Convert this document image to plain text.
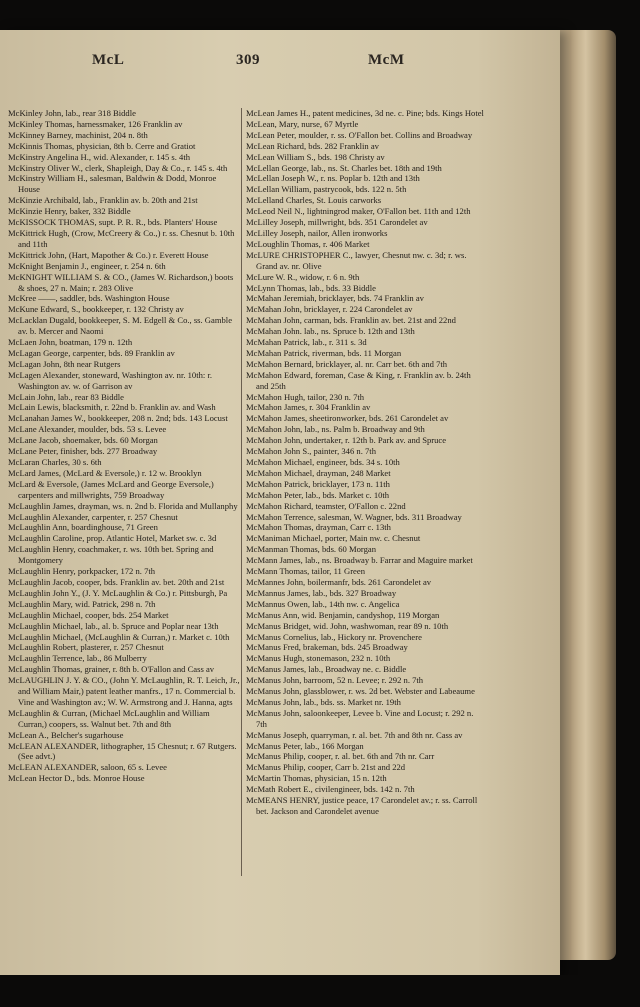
McL	309	McM

McKinley John, lab., rear 318 Biddle

McKinley Thomas, harnessmaker, 126 Franklin av

McKinney Barney, machinist, 204 n. 8th

McKinnis Thomas, physician, 8th b. Cerre and Gratiot

McKinstry Angelina H., wid. Alexander, r. 145 s. 4th

McKinstry Oliver W., clerk, Shapleigh, Day & Co., r. 145 s. 4th

McKinstry William H., salesman, Baldwin & Dodd, Monroe House

McKinzie Archibald, lab., Franklin av. b. 20th and 21st

McKinzie Henry, baker, 332 Biddle

McKISSOCK THOMAS, supt. P. R. R., bds. Planters' House

McKittrick Hugh, (Crow, McCreery & Co.,) r. ss. Chesnut b. 10th and 11th

McKittrick John, (Hart, Mapother & Co.) r. Everett House

McKnight Benjamin J., engineer, r. 254 n. 6th

McKNIGHT WILLIAM S. & CO., (James W. Richardson,) boots & shoes, 27 n. Main; r. 283 Olive

McKree ——, saddler, bds. Washington House

McKune Edward, S., bookkeeper, r. 132 Christy av

McLacklan Dugald, bookkeeper, S. M. Edgell & Co., ss. Gamble av. b. Mercer and Naomi

McLaen John, boatman, 179 n. 12th

McLagan George, carpenter, bds. 89 Franklin av

McLagan John, 8th near Rutgers

McLagen Alexander, stoneward, Washington av. nr. 10th: r. Washington av. w. of Garrison av

McLain John, lab., rear 83 Biddle

McLain Lewis, blacksmith, r. 22nd b. Franklin av. and Wash

McLanahan James W., bookkeeper, 208 n. 2nd; bds. 143 Locust

McLane Alexander, moulder, bds. 53 s. Levee

McLane Jacob, shoemaker, bds. 60 Morgan

McLane Peter, finisher, bds. 277 Broadway

McLaran Charles, 30 s. 6th

McLard James, (McLard & Eversole,) r. 12 w. Brooklyn

McLard & Eversole, (James McLard and George Eversole,) carpenters and millwrights, 759 Broadway

McLaughlin James, drayman, ws. n. 2nd b. Florida and Mullanphy

McLaughlin Alexander, carpenter, r. 257 Chesnut

McLaughlin Ann, boardinghouse, 71 Green

McLaughlin Caroline, prop. Atlantic Hotel, Market sw. c. 3d

McLaughlin Henry, coachmaker, r. ws. 10th bet. Spring and Montgomery

McLaughlin Henry, porkpacker, 172 n. 7th

McLaughlin Jacob, cooper, bds. Franklin av. bet. 20th and 21st

McLaughlin John Y., (J. Y. McLaughlin & Co.) r. Pittsburgh, Pa

McLaughlin Mary, wid. Patrick, 298 n. 7th

McLaughlin Michael, cooper, bds. 254 Market

McLaughlin Michael, lab., al. b. Spruce and Poplar near 13th

McLaughlin Michael, (McLaughlin & Curran,) r. Market c. 10th

McLaughlin Robert, plasterer, r. 257 Chesnut

McLaughlin Terrence, lab., 86 Mulberry

McLaughlin Thomas, grainer, r. 8th b. O'Fallon and Cass av

McLAUGHLIN J. Y. & CO., (John Y. McLaughlin, R. T. Leich, Jr., and William Mair,) patent leather manfrs., 17 n. Commercial b. Vine and Washington av.; W. W. Armstrong and J. Hanna, agts

McLaughlin & Curran, (Michael McLaughlin and William Curran,) coopers, ss. Walnut bet. 7th and 8th

McLean A., Belcher's sugarhouse

McLEAN ALEXANDER, lithographer, 15 Chesnut; r. 67 Rutgers. (See advt.)

McLEAN ALEXANDER, saloon, 65 s. Levee

McLean Hector D., bds. Monroe House

McLean James H., patent medicines, 3d ne. c. Pine; bds. Kings Hotel

McLean, Mary, nurse, 67 Myrtle

McLean Peter, moulder, r. ss. O'Fallon bet. Collins and Broadway

McLean Richard, bds. 282 Franklin av

McLean William S., bds. 198 Christy av

McLellan George, lab., ns. St. Charles bet. 18th and 19th

McLellan Joseph W., r. ns. Poplar b. 12th and 13th

McLellan William, pastrycook, bds. 122 n. 5th

McLelland Charles, St. Louis carworks

McLeod Neil N., lightningrod maker, O'Fallon bet. 11th and 12th

McLilley Joseph, millwright, bds. 351 Carondelet av

McLilley Joseph, nailor, Allen ironworks

McLoughlin Thomas, r. 406 Market

McLURE CHRISTOPHER C., lawyer, Chesnut nw. c. 3d; r. ws. Grand av. nr. Olive

McLure W. R., widow, r. 6 n. 9th

McLynn Thomas, lab., bds. 33 Biddle

McMahan Jeremiah, bricklayer, bds. 74 Franklin av

McMahan John, bricklayer, r. 224 Carondelet av

McMahan John, carman, bds. Franklin av. bet. 21st and 22nd

McMahan John. lab., ns. Spruce b. 12th and 13th

McMahan Patrick, lab., r. 311 s. 3d

McMahan Patrick, riverman, bds. 11 Morgan

McMahon Bernard, bricklayer, al. nr. Carr bet. 6th and 7th

McMahon Edward, foreman, Case & King, r. Franklin av. b. 24th and 25th

McMahon Hugh, tailor, 230 n. 7th

McMahon James, r. 304 Franklin av

McMahon James, sheetironworker, bds. 261 Carondelet av

McMahon John, lab., ns. Palm b. Broadway and 9th

McMahon John, undertaker, r. 12th b. Park av. and Spruce

McMahon John S., painter, 346 n. 7th

McMahon Michael, engineer, bds. 34 s. 10th

McMahon Michael, drayman, 248 Market

McMahon Patrick, bricklayer, 173 n. 11th

McMahon Peter, lab., bds. Market c. 10th

McMahon Richard, teamster, O'Fallon c. 22nd

McMahon Terrence, salesman, W. Wagner, bds. 311 Broadway

McMahon Thomas, drayman, Carr c. 13th

McManiman Michael, porter, Main nw. c. Chesnut

McManman Thomas, bds. 60 Morgan

McMann James, lab., ns. Broadway b. Farrar and Maguire market

McMann Thomas, tailor, 11 Green

McMannes John, boilermanfr, bds. 261 Carondelet av

McMannus James, lab., bds. 327 Broadway

McMannus Owen, lab., 14th nw. c. Angelica

McManus Ann, wid. Benjamin, candyshop, 119 Morgan

McManus Bridget, wid. John, washwoman, rear 89 n. 10th

McManus Cornelius, lab., Hickory nr. Provenchere

McManus Fred, brakeman, bds. 245 Broadway

McManus Hugh, stonemason, 232 n. 10th

McManus James, lab., Broadway ne. c. Biddle

McManus John, barroom, 52 n. Levee; r. 292 n. 7th

McManus John, glassblower, r. ws. 2d bet. Webster and Labeaume

McManus John, lab., bds. ss. Market nr. 19th

McManus John, saloonkeeper, Levee b. Vine and Locust; r. 292 n. 7th

McManus Joseph, quarryman, r. al. bet. 7th and 8th nr. Cass av

McManus Peter, lab., 166 Morgan

McManus Philip, cooper, r. al. bet. 6th and 7th nr. Carr

McManus Philip, cooper, Carr b. 21st and 22d

McMartin Thomas, physician, 15 n. 12th

McMath Robert E., civilengineer, bds. 142 n. 7th

McMEANS HENRY, justice peace, 17 Carondelet av.; r. ss. Carroll bet. Jackson and Carondelet avenue
